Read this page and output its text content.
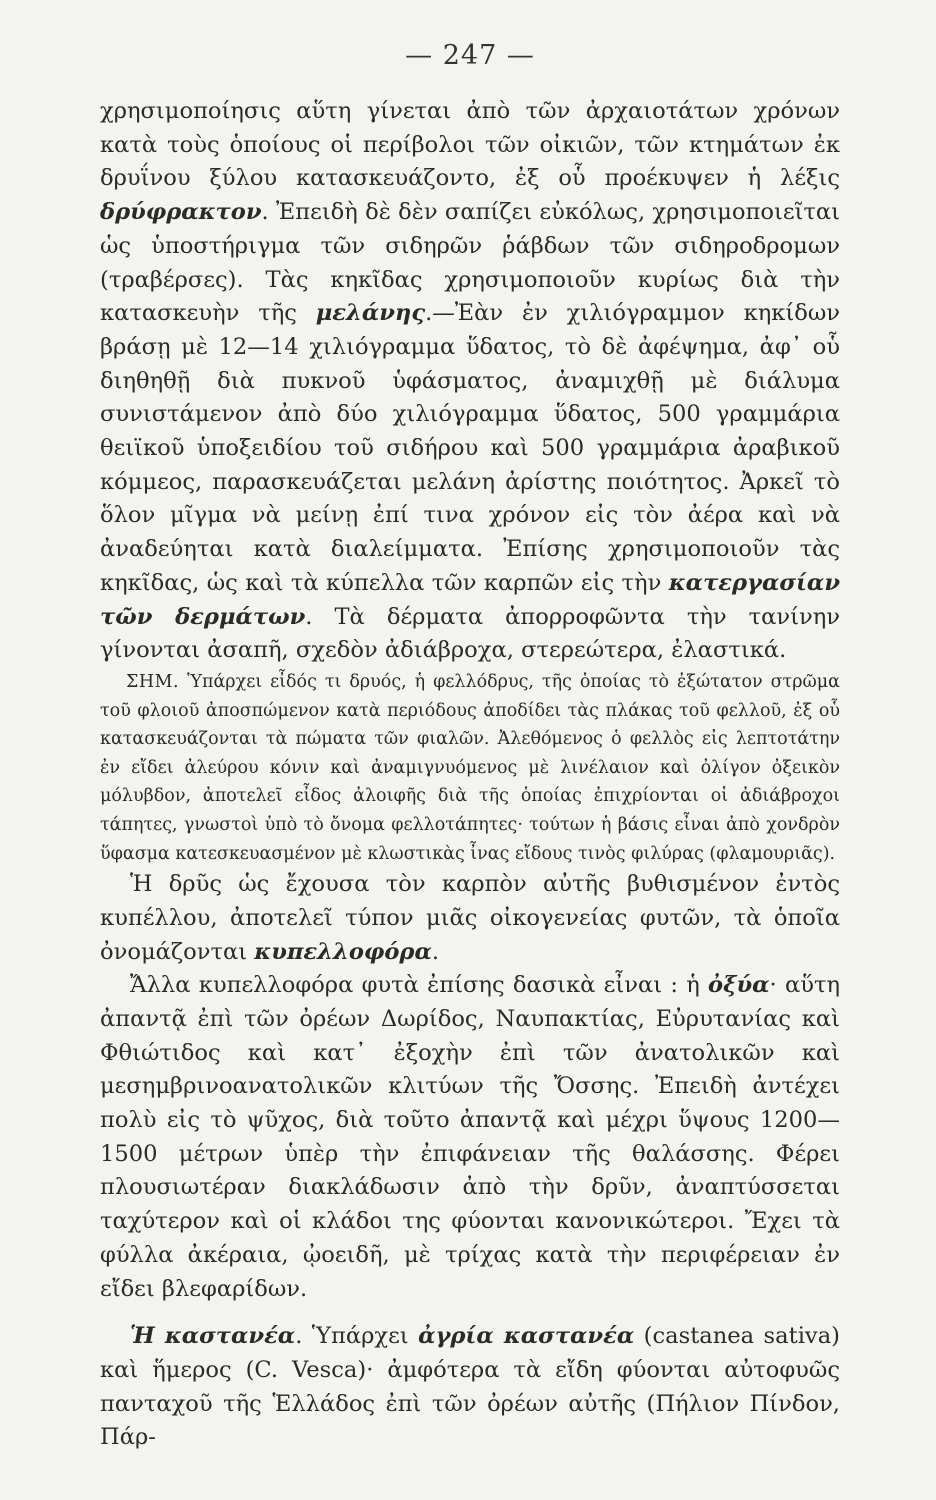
— 247 —

χρησιμοποίησις αὕτη γίνεται ἀπὸ τῶν ἀρχαιοτάτων χρόνων κατὰ τοὺς ὁποίους οἱ περίβολοι τῶν οἰκιῶν, τῶν κτημάτων ἐκ δρυΐνου ξύλου κατασκευάζοντο, ἐξ οὗ προέκυψεν ἡ λέξις δρύφρακτον. Ἐπειδὴ δὲ δὲν σαπίζει εὐκόλως, χρησιμοποιεῖται ὡς ὑποστήριγμα τῶν σιδηρῶν ῥάβδων τῶν σιδηροδρομων (τραβέρσες). Τὰς κηκῖδας χρησιμοποιοῦν κυρίως διὰ τὴν κατασκευὴν τῆς μελάνης.—Ἐὰν ἐν χιλιόγραμμον κηκίδων βράσῃ μὲ 12—14 χιλιόγραμμα ὕδατος, τὸ δὲ ἀφέψημα, ἀφ᾽ οὗ διηθηθῇ διὰ πυκνοῦ ὑφάσματος, ἀναμιχθῇ μὲ διάλυμα συνιστάμενον ἀπὸ δύο χιλιόγραμμα ὕδατος, 500 γραμμάρια θειϊκοῦ ὑποξειδίου τοῦ σιδήρου καὶ 500 γραμμάρια ἀραβικοῦ κόμμεος, παρασκευάζεται μελάνη ἀρίστης ποιότητος. Ἀρκεῖ τὸ ὅλον μῖγμα νὰ μείνῃ ἐπί τινα χρόνον εἰς τὸν ἀέρα καὶ νὰ ἀναδεύηται κατὰ διαλείμματα. Ἐπίσης χρησιμοποιοῦν τὰς κηκῖδας, ὡς καὶ τὰ κύπελλα τῶν καρπῶν εἰς τὴν κατεργασίαν τῶν δερμάτων. Τὰ δέρματα ἀπορροφῶντα τὴν τανίνην γίνονται ἀσαπῆ, σχεδὸν ἀδιάβροχα, στερεώτερα, ἐλαστικά.

ΣΗΜ. Ὑπάρχει εἶδός τι δρυός, ἡ φελλόδρυς, τῆς ὁποίας τὸ ἐξώτατον στρῶμα τοῦ φλοιοῦ ἀποσπώμενον κατὰ περιόδους ἀποδίδει τὰς πλάκας τοῦ φελλοῦ, ἐξ οὗ κατασκευάζονται τὰ πώματα τῶν φιαλῶν. Ἀλεθόμενος ὁ φελλὸς εἰς λεπτοτάτην ἐν εἴδει ἀλεύρου κόνιν καὶ ἀναμιγνυόμενος μὲ λινέλαιον καὶ ὀλίγον ὀξεικὸν μόλυβδον, ἀποτελεῖ εἶδος ἀλοιφῆς διὰ τῆς ὁποίας ἐπιχρίονται οἱ ἀδιάβροχοι τάπητες, γνωστοὶ ὑπὸ τὸ ὄνομα φελλοτάπητες· τούτων ἡ βάσις εἶναι ἀπὸ χονδρὸν ὕφασμα κατεσκευασμένον μὲ κλωστικὰς ἶνας εἴδους τινὸς φιλύρας (φλαμουριᾶς).

Ἡ δρῦς ὡς ἔχουσα τὸν καρπὸν αὐτῆς βυθισμένον ἐντὸς κυπέλλου, ἀποτελεῖ τύπον μιᾶς οἰκογενείας φυτῶν, τὰ ὁποῖα ὀνομάζονται κυπελλοφόρα.

Ἄλλα κυπελλοφόρα φυτὰ ἐπίσης δασικὰ εἶναι : ἡ ὀξύα· αὕτη ἀπαντᾷ ἐπὶ τῶν ὀρέων Δωρίδος, Ναυπακτίας, Εὐρυτανίας καὶ Φθιώτιδος καὶ κατ᾽ ἐξοχὴν ἐπὶ τῶν ἀνατολικῶν καὶ μεσημβρινοανατολικῶν κλιτύων τῆς Ὄσσης. Ἐπειδὴ ἀντέχει πολὺ εἰς τὸ ψῦχος, διὰ τοῦτο ἀπαντᾷ καὶ μέχρι ὕψους 1200—1500 μέτρων ὑπὲρ τὴν ἐπιφάνειαν τῆς θαλάσσης. Φέρει πλουσιωτέραν διακλάδωσιν ἀπὸ τὴν δρῦν, ἀναπτύσσεται ταχύτερον καὶ οἱ κλάδοι της φύονται κανονικώτεροι. Ἔχει τὰ φύλλα ἀκέραια, ᾠοειδῆ, μὲ τρίχας κατὰ τὴν περιφέρειαν ἐν εἴδει βλεφαρίδων.

Ἡ καστανέα. Ὑπάρχει ἀγρία καστανέα (castanea sativa) καὶ ἥμερος (C. Vesca)· ἀμφότερα τὰ εἴδη φύονται αὐτοφυῶς πανταχοῦ τῆς Ἑλλάδος ἐπὶ τῶν ὀρέων αὐτῆς (Πήλιον Πίνδον, Πάρ-
